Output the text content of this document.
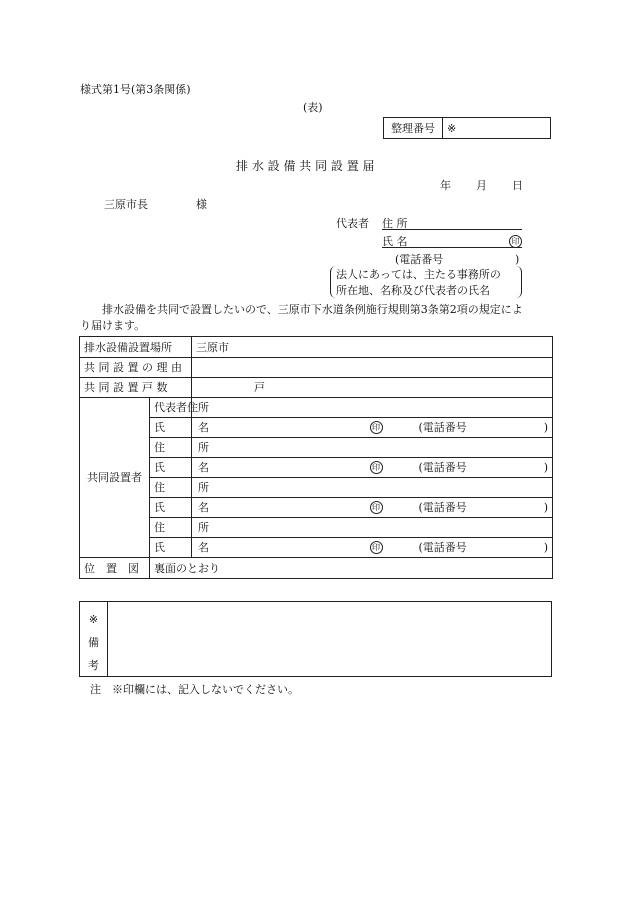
様式第1号(第3条関係)
(表)
整理番号	※
排 水 設 備 共 同 設 置 届
年 月 日
三原市長	様
代表者 住 所
氏 名	印
(電話番号	)
法人にあっては、主たる事務所の
所在地、名称及び代表者の氏名
排水設備を共同で設置したいので、三原市下水道条例施行規則第3条第2項の規定によ
り届けます。
排水設備設置場所		三原市	
共 同 設 置 の 理 由			
共 同 設 置 戸 数		戸	
共同設置者	代表者住所		
	氏　　　名	印	(電話番号 )

	住　　　所		
	氏　　　名	印	(電話番号 )

	住　　　所		
	氏　　　名	印	(電話番号 )

	住　　　所		
	氏　　　名	印	(電話番号 )

位　置　図	裏面のとおり		
※
備
考

注　※印欄には、記入しないでください。
